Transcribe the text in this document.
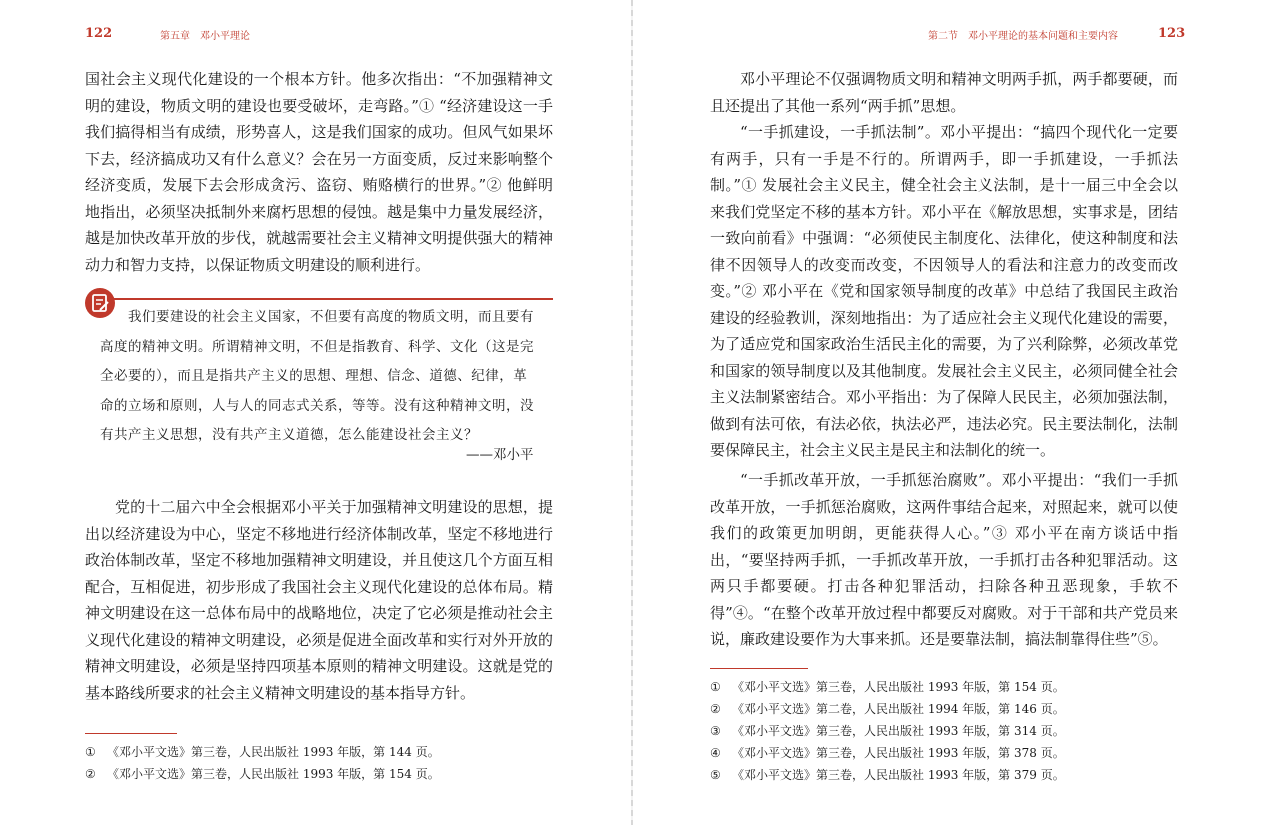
122	第五章　邓小平理论

国社会主义现代化建设的一个根本方针。他多次指出：“不加强精神文明的建设，物质文明的建设也要受破坏，走弯路。”① “经济建设这一手我们搞得相当有成绩，形势喜人，这是我们国家的成功。但风气如果坏下去，经济搞成功又有什么意义？会在另一方面变质，反过来影响整个经济变质，发展下去会形成贪污、盗窃、贿赂横行的世界。”② 他鲜明地指出，必须坚决抵制外来腐朽思想的侵蚀。越是集中力量发展经济，越是加快改革开放的步伐，就越需要社会主义精神文明提供强大的精神动力和智力支持，以保证物质文明建设的顺利进行。

我们要建设的社会主义国家，不但要有高度的物质文明，而且要有高度的精神文明。所谓精神文明，不但是指教育、科学、文化（这是完全必要的），而且是指共产主义的思想、理想、信念、道德、纪律，革命的立场和原则，人与人的同志式关系，等等。没有这种精神文明，没有共产主义思想，没有共产主义道德，怎么能建设社会主义？

——邓小平

党的十二届六中全会根据邓小平关于加强精神文明建设的思想，提出以经济建设为中心，坚定不移地进行经济体制改革，坚定不移地进行政治体制改革，坚定不移地加强精神文明建设，并且使这几个方面互相配合，互相促进，初步形成了我国社会主义现代化建设的总体布局。精神文明建设在这一总体布局中的战略地位，决定了它必须是推动社会主义现代化建设的精神文明建设，必须是促进全面改革和实行对外开放的精神文明建设，必须是坚持四项基本原则的精神文明建设。这就是党的基本路线所要求的社会主义精神文明建设的基本指导方针。

① 《邓小平文选》第三卷，人民出版社 1993 年版，第 144 页。
② 《邓小平文选》第三卷，人民出版社 1993 年版，第 154 页。
第二节　邓小平理论的基本问题和主要内容	123

邓小平理论不仅强调物质文明和精神文明两手抓，两手都要硬，而且还提出了其他一系列“两手抓”思想。

“一手抓建设，一手抓法制”。邓小平提出：“搞四个现代化一定要有两手，只有一手是不行的。所谓两手，即一手抓建设，一手抓法制。”① 发展社会主义民主，健全社会主义法制，是十一届三中全会以来我们党坚定不移的基本方针。邓小平在《解放思想，实事求是，团结一致向前看》中强调：“必须使民主制度化、法律化，使这种制度和法律不因领导人的改变而改变，不因领导人的看法和注意力的改变而改变。”② 邓小平在《党和国家领导制度的改革》中总结了我国民主政治建设的经验教训，深刻地指出：为了适应社会主义现代化建设的需要，为了适应党和国家政治生活民主化的需要，为了兴利除弊，必须改革党和国家的领导制度以及其他制度。发展社会主义民主，必须同健全社会主义法制紧密结合。邓小平指出：为了保障人民民主，必须加强法制，做到有法可依，有法必依，执法必严，违法必究。民主要法制化，法制要保障民主，社会主义民主是民主和法制化的统一。

“一手抓改革开放，一手抓惩治腐败”。邓小平提出：“我们一手抓改革开放，一手抓惩治腐败，这两件事结合起来，对照起来，就可以使我们的政策更加明朗，更能获得人心。”③ 邓小平在南方谈话中指出，“要坚持两手抓，一手抓改革开放，一手抓打击各种犯罪活动。这两只手都要硬。打击各种犯罪活动，扫除各种丑恶现象，手软不得”④。“在整个改革开放过程中都要反对腐败。对于干部和共产党员来说，廉政建设要作为大事来抓。还是要靠法制，搞法制靠得住些”⑤。

① 《邓小平文选》第三卷，人民出版社 1993 年版，第 154 页。
② 《邓小平文选》第二卷，人民出版社 1994 年版，第 146 页。
③ 《邓小平文选》第三卷，人民出版社 1993 年版，第 314 页。
④ 《邓小平文选》第三卷，人民出版社 1993 年版，第 378 页。
⑤ 《邓小平文选》第三卷，人民出版社 1993 年版，第 379 页。
